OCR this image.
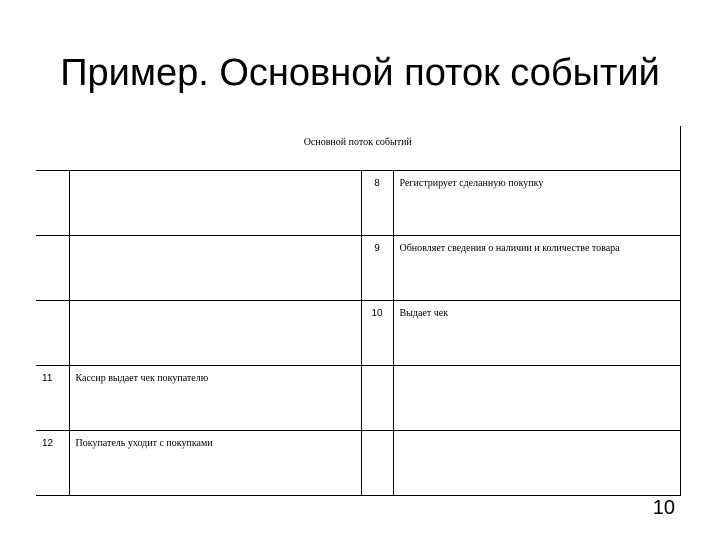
Пример. Основной поток событий
Основной поток событий			
		8	Регистрирует сделанную покупку
		9	Обновляет сведения о наличии и количестве товара
		10	Выдает чек
11	Кассир выдает чек покупателю		
12	Покупатель уходит с покупками		
10
